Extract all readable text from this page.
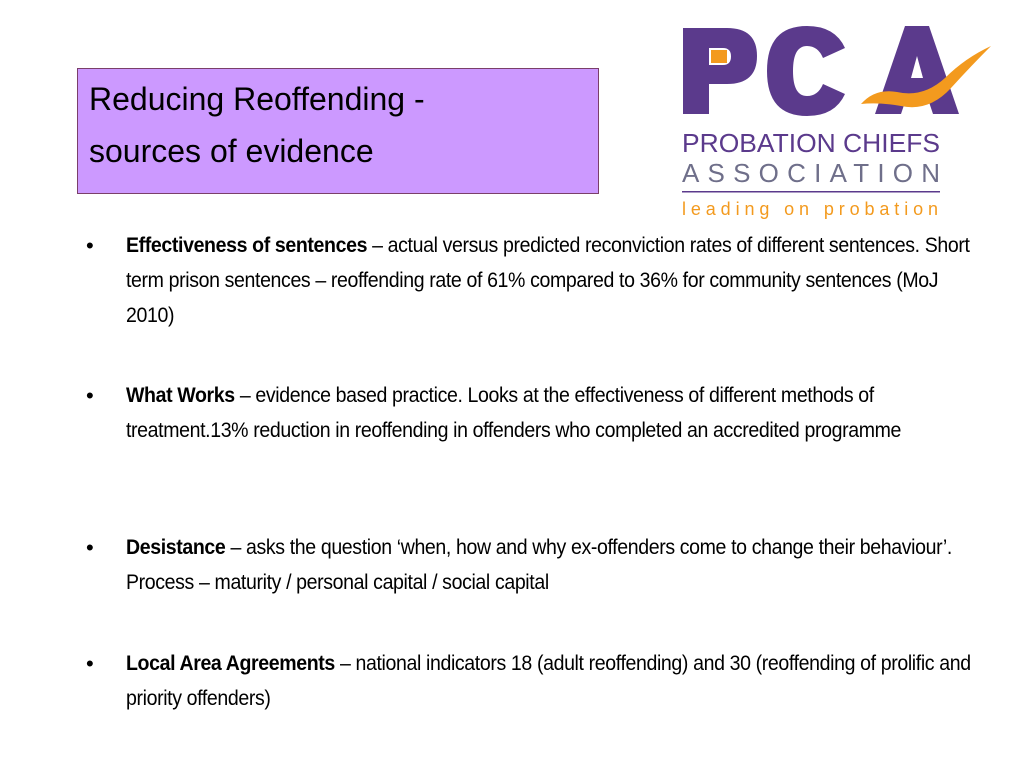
Reducing Reoffending -
sources of evidence	PROBATION CHIEFS
ASSOCIATION
leading on probation
• Effectiveness of sentences – actual versus predicted reconviction rates of different sentences. Short term prison sentences – reoffending rate of 61% compared to 36% for community sentences (MoJ 2010)
• What Works – evidence based practice. Looks at the effectiveness of different methods of treatment.13% reduction in reoffending in offenders who completed an accredited programme
• Desistance – asks the question ‘when, how and why ex-offenders come to change their behaviour’. Process – maturity / personal capital / social capital
• Local Area Agreements – national indicators 18 (adult reoffending) and 30 (reoffending of prolific and priority offenders)
